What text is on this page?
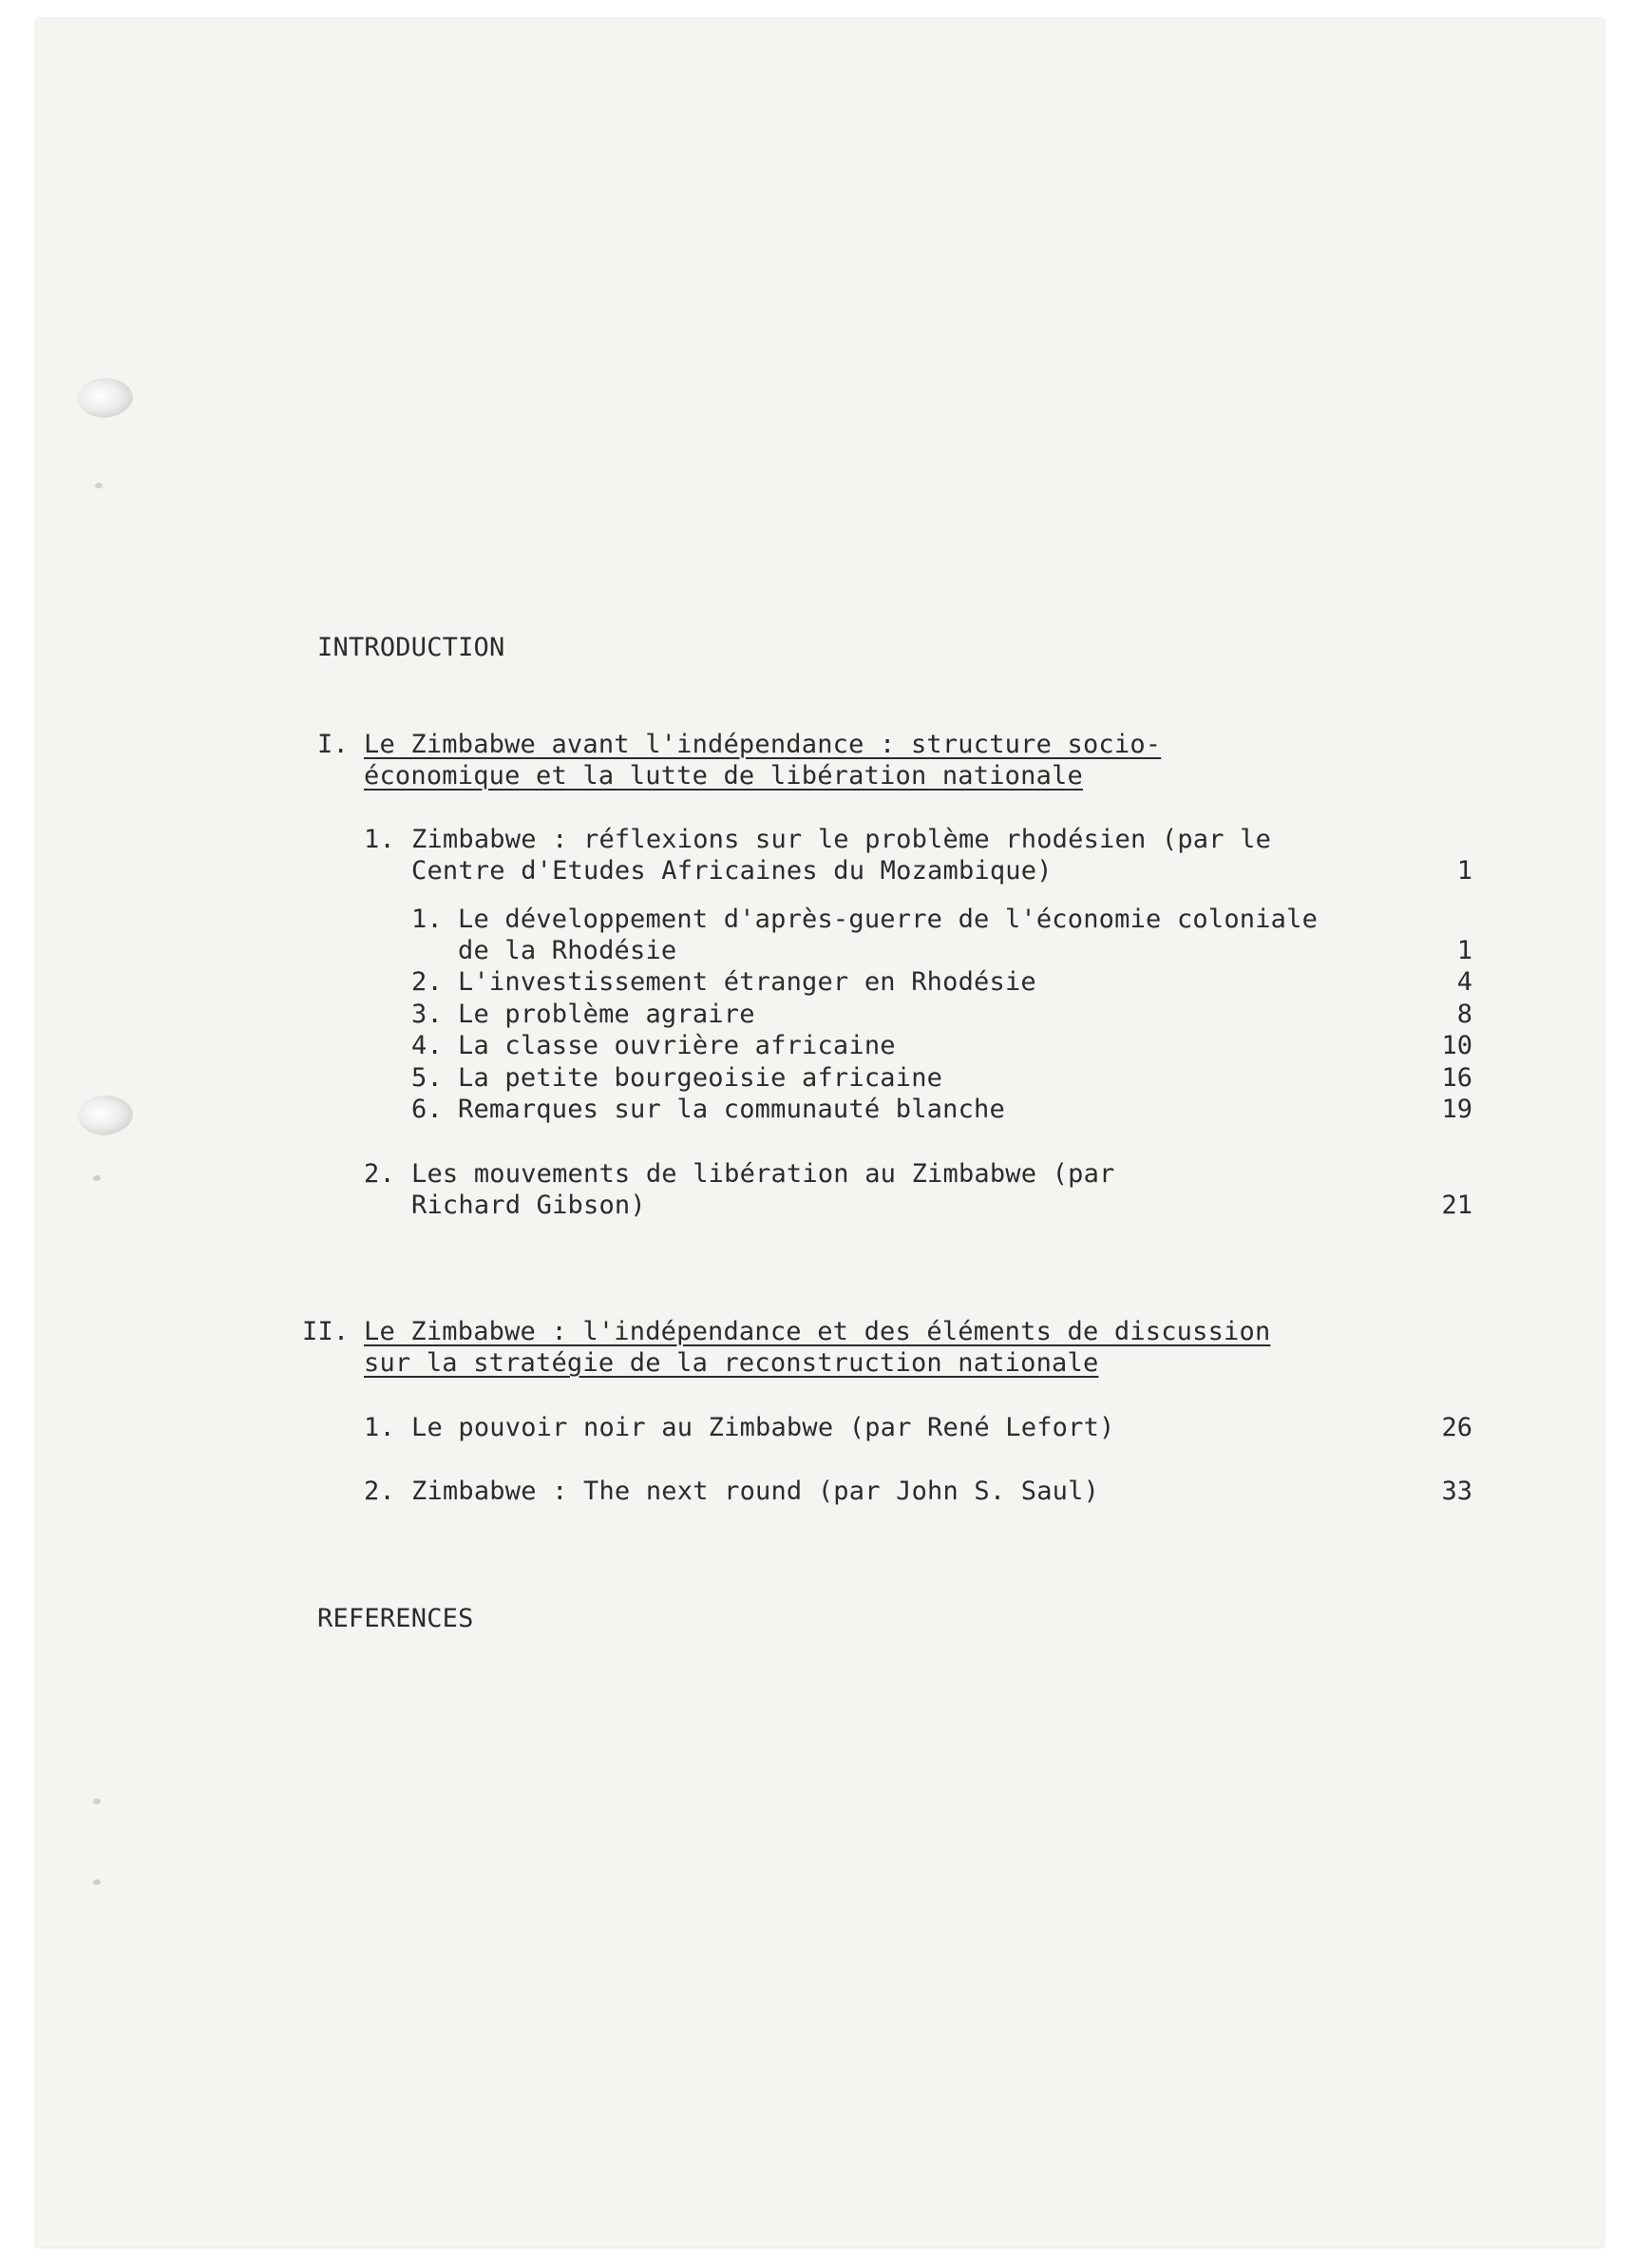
INTRODUCTION
I. Le Zimbabwe avant l'indépendance : structure socio-
économique et la lutte de libération nationale
1. Zimbabwe : réflexions sur le problème rhodésien (par le
Centre d'Etudes Africaines du Mozambique)	1
1. Le développement d'après-guerre de l'économie coloniale
de la Rhodésie	1
2. L'investissement étranger en Rhodésie	4
3. Le problème agraire	8
4. La classe ouvrière africaine	10
5. La petite bourgeoisie africaine	16
6. Remarques sur la communauté blanche	19
2. Les mouvements de libération au Zimbabwe (par
Richard Gibson)	21
II. Le Zimbabwe : l'indépendance et des éléments de discussion
sur la stratégie de la reconstruction nationale
1. Le pouvoir noir au Zimbabwe (par René Lefort)	26
2. Zimbabwe : The next round (par John S. Saul)	33
REFERENCES
